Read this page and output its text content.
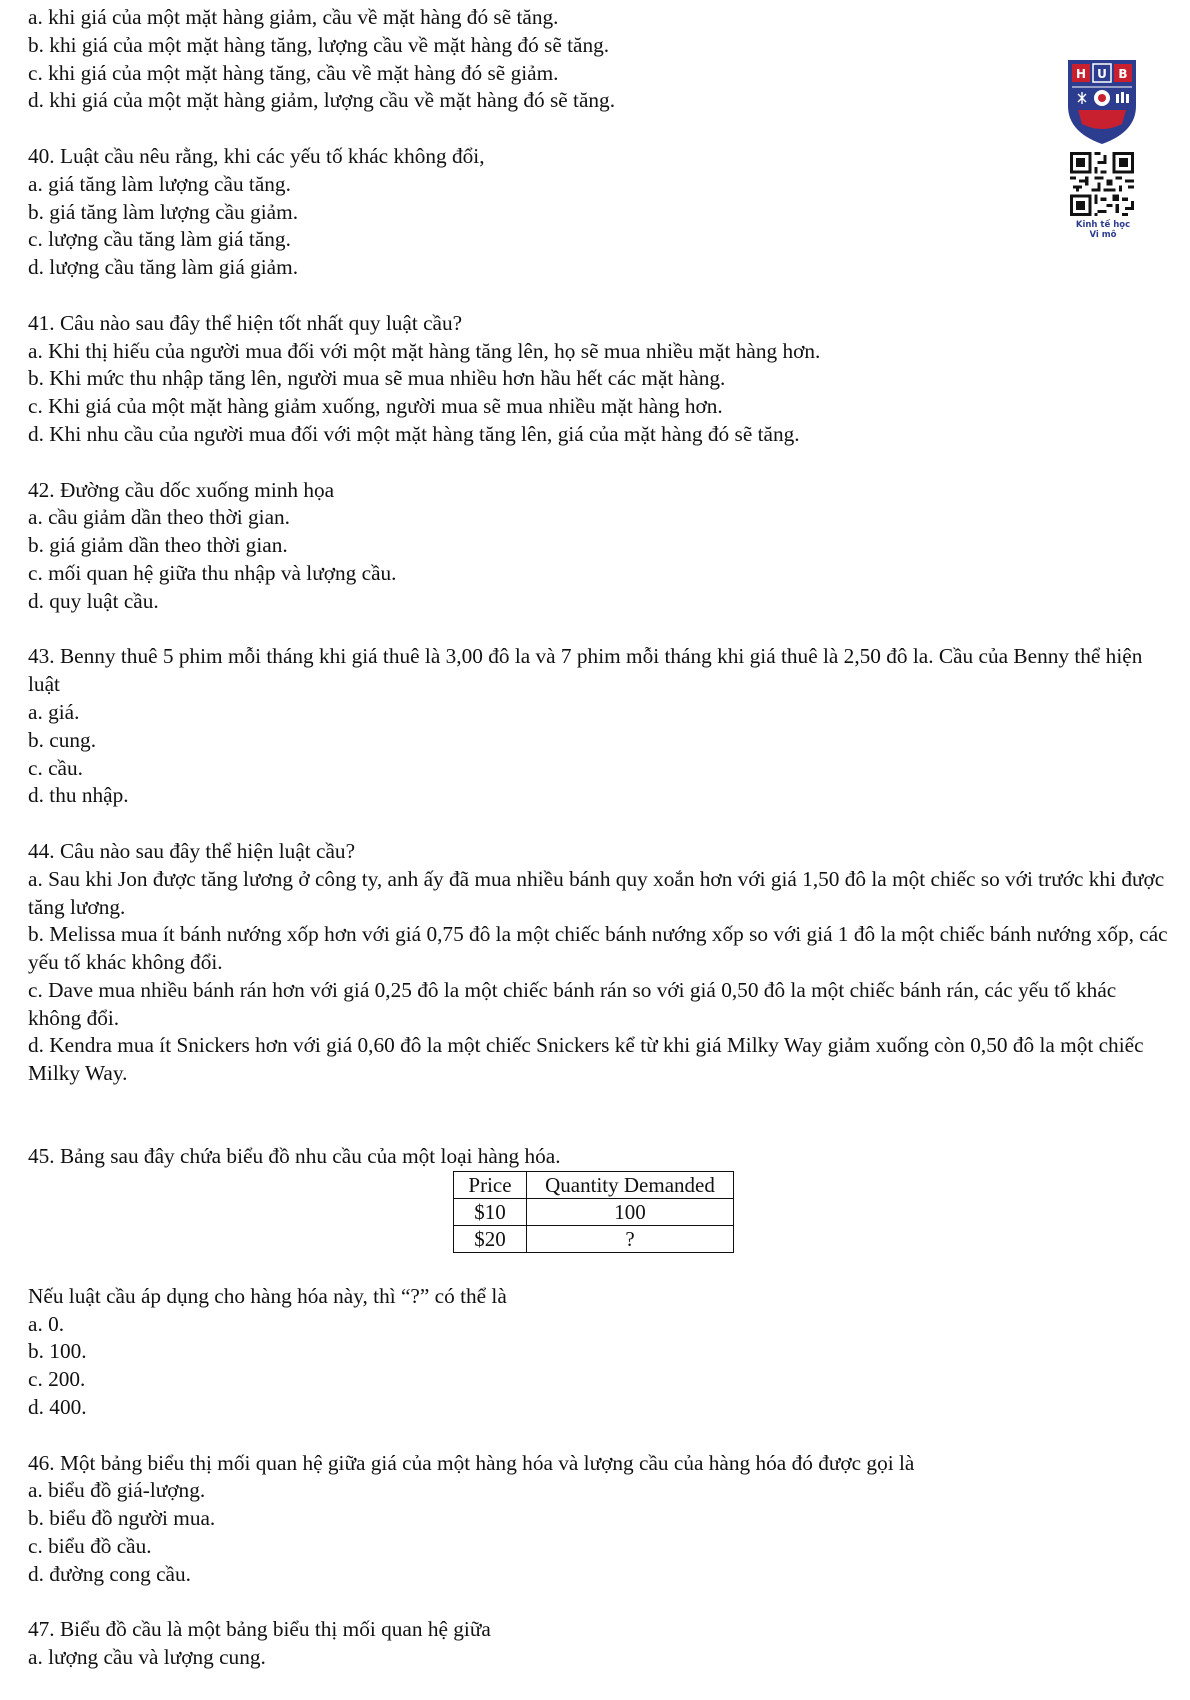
a. khi giá của một mặt hàng giảm, cầu về mặt hàng đó sẽ tăng.

b. khi giá của một mặt hàng tăng, lượng cầu về mặt hàng đó sẽ tăng.

c. khi giá của một mặt hàng tăng, cầu về mặt hàng đó sẽ giảm.

d. khi giá của một mặt hàng giảm, lượng cầu về mặt hàng đó sẽ tăng.

40. Luật cầu nêu rằng, khi các yếu tố khác không đổi,

a. giá tăng làm lượng cầu tăng.

b. giá tăng làm lượng cầu giảm.

c. lượng cầu tăng làm giá tăng.

d. lượng cầu tăng làm giá giảm.

41. Câu nào sau đây thể hiện tốt nhất quy luật cầu?

a. Khi thị hiếu của người mua đối với một mặt hàng tăng lên, họ sẽ mua nhiều mặt hàng hơn.

b. Khi mức thu nhập tăng lên, người mua sẽ mua nhiều hơn hầu hết các mặt hàng.

c. Khi giá của một mặt hàng giảm xuống, người mua sẽ mua nhiều mặt hàng hơn.

d. Khi nhu cầu của người mua đối với một mặt hàng tăng lên, giá của mặt hàng đó sẽ tăng.

42. Đường cầu dốc xuống minh họa

a. cầu giảm dần theo thời gian.

b. giá giảm dần theo thời gian.

c. mối quan hệ giữa thu nhập và lượng cầu.

d. quy luật cầu.

43. Benny thuê 5 phim mỗi tháng khi giá thuê là 3,00 đô la và 7 phim mỗi tháng khi giá thuê là 2,50 đô la. Cầu của Benny thể hiện luật

a. giá.

b. cung.

c. cầu.

d. thu nhập.

44. Câu nào sau đây thể hiện luật cầu?

a. Sau khi Jon được tăng lương ở công ty, anh ấy đã mua nhiều bánh quy xoắn hơn với giá 1,50 đô la một chiếc so với trước khi được tăng lương.

b. Melissa mua ít bánh nướng xốp hơn với giá 0,75 đô la một chiếc bánh nướng xốp so với giá 1 đô la một chiếc bánh nướng xốp, các yếu tố khác không đổi.

c. Dave mua nhiều bánh rán hơn với giá 0,25 đô la một chiếc bánh rán so với giá 0,50 đô la một chiếc bánh rán, các yếu tố khác không đổi.

d. Kendra mua ít Snickers hơn với giá 0,60 đô la một chiếc Snickers kể từ khi giá Milky Way giảm xuống còn 0,50 đô la một chiếc Milky Way.

45. Bảng sau đây chứa biểu đồ nhu cầu của một loại hàng hóa.

Price	Quantity Demanded
$10	100
$20	?

Nếu luật cầu áp dụng cho hàng hóa này, thì “?” có thể là

a. 0.

b. 100.

c. 200.

d. 400.

46. Một bảng biểu thị mối quan hệ giữa giá của một hàng hóa và lượng cầu của hàng hóa đó được gọi là

a. biểu đồ giá-lượng.

b. biểu đồ người mua.

c. biểu đồ cầu.

d. đường cong cầu.

47. Biểu đồ cầu là một bảng biểu thị mối quan hệ giữa

a. lượng cầu và lượng cung.

H U B
Kinh tế học
Vi mô
